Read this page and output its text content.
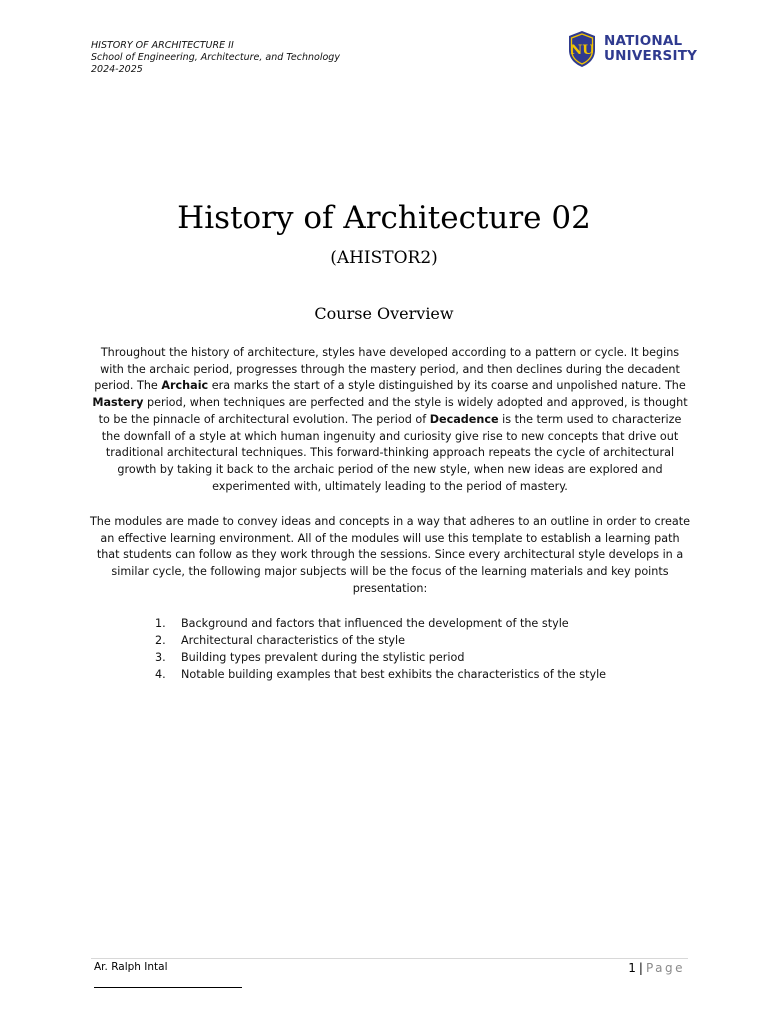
HISTORY OF ARCHITECTURE II
School of Engineering, Architecture, and Technology
2024-2025
NU
NATIONAL
UNIVERSITY
History of Architecture 02
(AHISTOR2)
Course Overview
Throughout the history of architecture, styles have developed according to a pattern or cycle. It begins with the archaic period, progresses through the mastery period, and then declines during the decadent period. The Archaic era marks the start of a style distinguished by its coarse and unpolished nature. The Mastery period, when techniques are perfected and the style is widely adopted and approved, is thought to be the pinnacle of architectural evolution. The period of Decadence is the term used to characterize the downfall of a style at which human ingenuity and curiosity give rise to new concepts that drive out traditional architectural techniques. This forward-thinking approach repeats the cycle of architectural growth by taking it back to the archaic period of the new style, when new ideas are explored and experimented with, ultimately leading to the period of mastery.
The modules are made to convey ideas and concepts in a way that adheres to an outline in order to create an effective learning environment. All of the modules will use this template to establish a learning path that students can follow as they work through the sessions. Since every architectural style develops in a similar cycle, the following major subjects will be the focus of the learning materials and key points presentation:
1.	Background and factors that influenced the development of the style
2.	Architectural characteristics of the style
3.	Building types prevalent during the stylistic period
4.	Notable building examples that best exhibits the characteristics of the style
Ar. Ralph Intal	1 | Page
